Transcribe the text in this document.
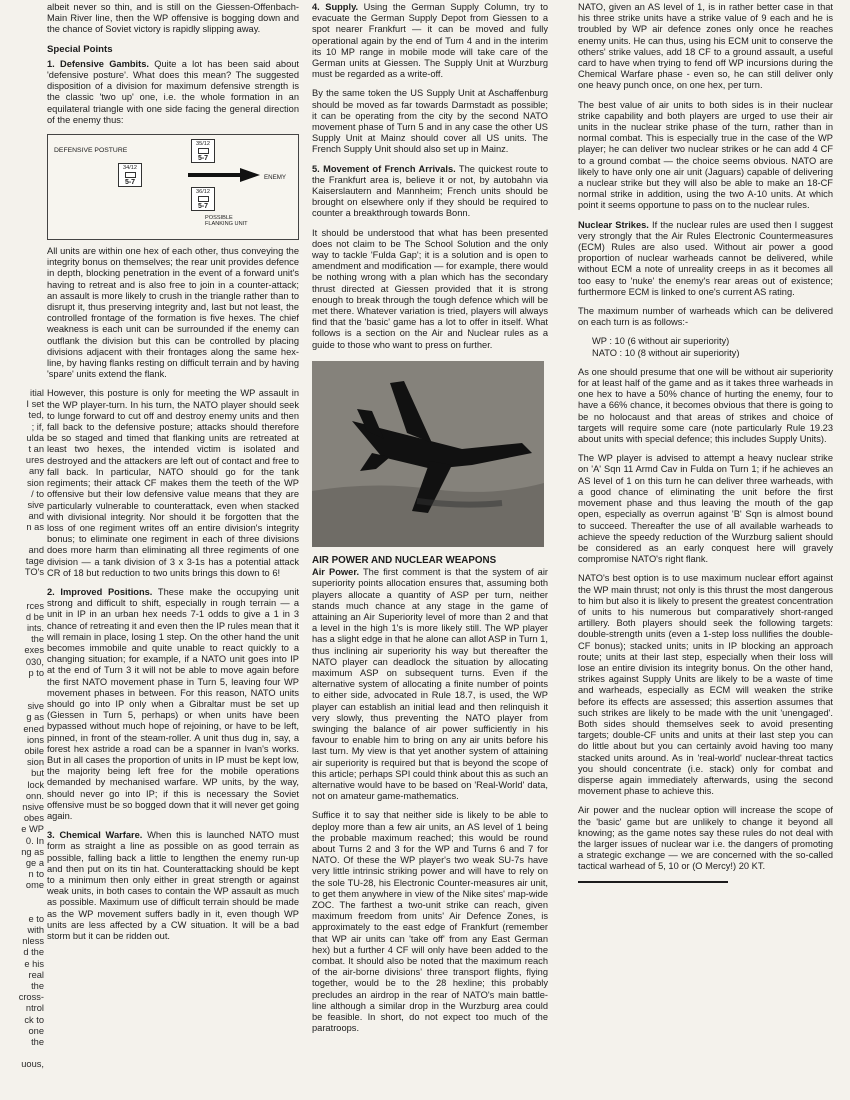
itial
I set
ted,
; if,
ulda
t an
ures
any
sion
/ to
sive
and
n as
and
tage
TO's
rces
d be
ints.
the
exes
030,
p to
sive
g as
ened
ions
obile
sion
but
lock
onn.
nsive
obes
e WP
0. In
ng as
ge a
n to
ome
e to
with
nless
d the
e his
real
the
cross-
ntrol
ck to
one
the
uous,

albeit never so thin, and is still on the Giessen-Offenbach-Main River line, then the WP offensive is bogging down and the chance of Soviet victory is rapidly slipping away.

Special Points

1. Defensive Gambits. Quite a lot has been said about 'defensive posture'. What does this mean? The suggested disposition of a division for maximum defensive strength is the classic 'two up' one, i.e. the whole formation in an equilateral triangle with one side facing the general direction of the enemy thus:

DEFENSIVE POSTURE
35/12
5-7
34/12
5-7
36/12
5-7
ENEMY
POSSIBLE
FLANKING UNIT

All units are within one hex of each other, thus conveying the integrity bonus on themselves; the rear unit provides defence in depth, blocking penetration in the event of a forward unit's having to retreat and is also free to join in a counter-attack; an assault is more likely to crush in the triangle rather than to disrupt it, thus preserving integrity and, last but not least, the controlled frontage of the formation is five hexes. The chief weakness is each unit can be surrounded if the enemy can outflank the division but this can be controlled by placing divisions adjacent with their frontages along the same hex-line, by having flanks resting on difficult terrain and by having 'spare' units extend the flank.

However, this posture is only for meeting the WP assault in the WP player-turn. In his turn, the NATO player should seek to lunge forward to cut off and destroy enemy units and then fall back to the defensive posture; attacks should therefore be so staged and timed that flanking units are retreated at least two hexes, the intended victim is isolated and destroyed and the attackers are left out of contact and free to fall back. In particular, NATO should go for the tank regiments; their attack CF makes them the teeth of the WP offensive but their low defensive value means that they are particularly vulnerable to counterattack, even when stacked with divisional integrity. Nor should it be forgotten that the loss of one regiment writes off an entire division's integrity bonus; to eliminate one regiment in each of three divisions does more harm than eliminating all three regiments of one division — a tank division of 3 x 3-1s has a potential attack CR of 18 but reduction to two units brings this down to 6!

2. Improved Positions. These make the occupying unit strong and difficult to shift, especially in rough terrain — a unit in IP in an urban hex needs 7-1 odds to give a 1 in 3 chance of retreating it and even then the IP rules mean that it will remain in place, losing 1 step. On the other hand the unit becomes immobile and quite unable to react quickly to a changing situation; for example, if a NATO unit goes into IP at the end of Turn 3 it will not be able to move again before the first NATO movement phase in Turn 5, leaving four WP movement phases in between. For this reason, NATO units should go into IP only when a Gibraltar must be set up (Giessen in Turn 5, perhaps) or when units have been bypassed without much hope of rejoining, or have to be left, pinned, in front of the steam-roller. A unit thus dug in, say, a forest hex astride a road can be a spanner in Ivan's works. But in all cases the proportion of units in IP must be kept low, the majority being left free for the mobile operations demanded by mechanised warfare. WP units, by the way, should never go into IP; if this is necessary the Soviet offensive must be so bogged down that it will never get going again.

3. Chemical Warfare. When this is launched NATO must form as straight a line as possible on as good terrain as possible, falling back a little to lengthen the enemy run-up and then put on its tin hat. Counterattacking should be kept to a minimum then only either in great strength or against weak units, in both cases to contain the WP assault as much as possible. Maximum use of difficult terrain should be made as the WP movement suffers badly in it, even though WP units are less affected by a CW situation. It will be a bad storm but it can be ridden out.

4. Supply. Using the German Supply Column, try to evacuate the German Supply Depot from Giessen to a spot nearer Frankfurt — it can be moved and fully operational again by the end of Turn 4 and in the interim its 10 MP range in mobile mode will take care of the German units at Giessen. The Supply Unit at Wurzburg must be regarded as a write-off.

By the same token the US Supply Unit at Aschaffenburg should be moved as far towards Darmstadt as possible; it can be operating from the city by the second NATO movement phase of Turn 5 and in any case the other US Supply Unit at Mainz should cover all US units. The French Supply Unit should also set up in Mainz.

5. Movement of French Arrivals. The quickest route to the Frankfurt area is, believe it or not, by autobahn via Kaiserslautern and Mannheim; French units should be brought on elsewhere only if they should be required to counter a breakthrough towards Bonn.

It should be understood that what has been presented does not claim to be The School Solution and the only way to tackle 'Fulda Gap'; it is a solution and is open to amendment and modification — for example, there would be nothing wrong with a plan which has the secondary thrust directed at Giessen provided that it is strong enough to break through the tough defence which will be met there. Whatever variation is tried, players will always find that the 'basic' game has a lot to offer in itself. What follows is a section on the Air and Nuclear rules as a guide to those who want to press on further.

AIR POWER AND NUCLEAR WEAPONS

Air Power. The first comment is that the system of air superiority points allocation ensures that, assuming both players allocate a quantity of ASP per turn, neither stands much chance at any stage in the game of attaining an Air Superiority level of more than 2 and that a level in the high 1's is more likely still. The WP player has a slight edge in that he alone can allot ASP in Turn 1, thus inclining air superiority his way but thereafter the NATO player can deadlock the situation by allocating maximum ASP on subsequent turns. Even if the alternative system of allocating a finite number of points to either side, advocated in Rule 18.7, is used, the WP player can establish an initial lead and then relinquish it very slowly, thus preventing the NATO player from swinging the balance of air power sufficiently in his favour to enable him to bring on any air units before his last turn. My view is that yet another system of attaining air superiority is required but that is beyond the scope of this article; perhaps SPI could think about this as such an alternative would have to be based on 'Real-World' data, not on amateur game-mathematics.

Suffice it to say that neither side is likely to be able to deploy more than a few air units, an AS level of 1 being the probable maximum reached; this would be round about Turns 2 and 3 for the WP and Turns 6 and 7 for NATO. Of these the WP player's two weak SU-7s have very little intrinsic striking power and will have to rely on the sole TU-28, his Electronic Counter-measures air unit, to get them anywhere in view of the Nike sites' map-wide ZOC. The farthest a two-unit strike can reach, given maximum freedom from units' Air Defence Zones, is approximately to the east edge of Frankfurt (remember that WP air units can 'take off' from any East German hex) but a further 4 CF will only have been added to the combat. It should also be noted that the maximum reach of the air-borne divisions' three transport flights, flying together, would be to the 28 hexline; this probably precludes an airdrop in the rear of NATO's main battle-line although a similar drop in the Wurzburg area could be feasible. In short, do not expect too much of the paratroops.

NATO, given an AS level of 1, is in rather better case in that his three strike units have a strike value of 9 each and he is troubled by WP air defence zones only once he reaches enemy units. He can thus, using his ECM unit to conserve the others' strike values, add 18 CF to a ground assault, a useful card to have when trying to fend off WP incursions during the Chemical Warfare phase - even so, he can still deliver only one heavy punch once, on one hex, per turn.

The best value of air units to both sides is in their nuclear strike capability and both players are urged to use their air units in the nuclear strike phase of the turn, rather than in normal combat. This is especially true in the case of the WP player; he can deliver two nuclear strikes or he can add 4 CF to a ground combat — the choice seems obvious. NATO are likely to have only one air unit (Jaguars) capable of delivering a nuclear strike but they will also be able to make an 18-CF normal strike in addition, using the two A-10 units. At which point it seems opportune to pass on to the nuclear rules.

Nuclear Strikes. If the nuclear rules are used then I suggest very strongly that the Air Rules Electronic Countermeasures (ECM) Rules are also used. Without air power a good proportion of nuclear warheads cannot be delivered, while without ECM a note of unreality creeps in as it becomes all too easy to 'nuke' the enemy's rear areas out of existence; furthermore ECM is linked to one's current AS rating.

The maximum number of warheads which can be delivered on each turn is as follows:-

WP : 10 (6 without air superiority)
NATO : 10 (8 without air superiority)

As one should presume that one will be without air superiority for at least half of the game and as it takes three warheads in one hex to have a 50% chance of hurting the enemy, four to have a 66% chance, it becomes obvious that there is going to be no holocaust and that areas of strikes and choice of targets will require some care (note particularly Rule 19.23 about units with special defence; this includes Supply Units).

The WP player is advised to attempt a heavy nuclear strike on 'A' Sqn 11 Armd Cav in Fulda on Turn 1; if he achieves an AS level of 1 on this turn he can deliver three warheads, with a good chance of eliminating the unit before the first movement phase and thus leaving the mouth of the gap open, especially as overrun against 'B' Sqn is almost bound to succeed. Thereafter the use of all available warheads to achieve the speedy reduction of the Wurzburg salient should be considered as an early conquest here will gravely compromise NATO's right flank.

NATO's best option is to use maximum nuclear effort against the WP main thrust; not only is this thrust the most dangerous to him but also it is likely to present the greatest concentration of units to his numerous but comparatively short-ranged artillery. Both players should seek the following targets: double-strength units (even a 1-step loss nullifies the double-CF bonus); stacked units; units in IP blocking an approach route; units at their last step, especially when their loss will lose an entire division its integrity bonus. On the other hand, strikes against Supply Units are likely to be a waste of time and warheads, especially as ECM will weaken the strike before its effects are assessed; this assertion assumes that such strikes are likely to be made with the unit 'unengaged'. Both sides should themselves seek to avoid presenting targets; double-CF units and units at their last step you can do little about but you can certainly avoid having too many stacked units around. As in 'real-world' nuclear-threat tactics you should concentrate (i.e. stack) only for combat and disperse again immediately afterwards, using the second movement phase to achieve this.

Air power and the nuclear option will increase the scope of the 'basic' game but are unlikely to change it beyond all knowing; as the game notes say these rules do not deal with the larger issues of nuclear war i.e. the dangers of promoting a strategic exchange — we are concerned with the so-called tactical warhead of 5, 10 or (O Mercy!) 20 KT.
